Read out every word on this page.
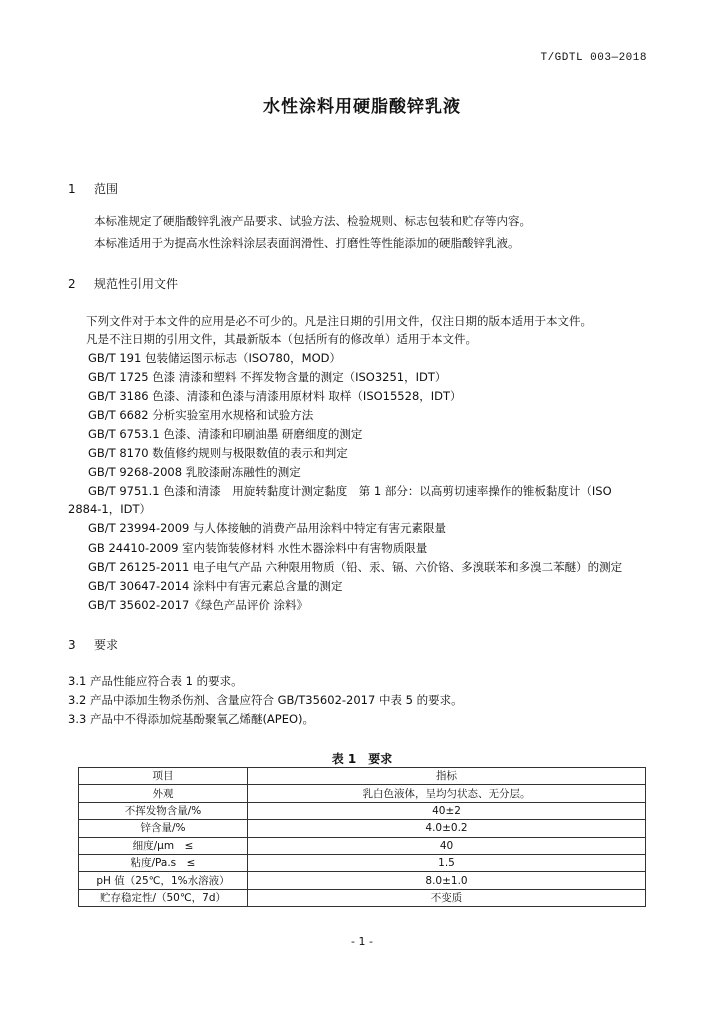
T/GDTL 003—2018
水性涂料用硬脂酸锌乳液
1 范围
本标准规定了硬脂酸锌乳液产品要求、试验方法、检验规则、标志包装和贮存等内容。
本标准适用于为提高水性涂料涂层表面润滑性、打磨性等性能添加的硬脂酸锌乳液。
2 规范性引用文件
下列文件对于本文件的应用是必不可少的。凡是注日期的引用文件，仅注日期的版本适用于本文件。
凡是不注日期的引用文件，其最新版本（包括所有的修改单）适用于本文件。
GB/T 191 包装储运图示标志（ISO780，MOD）
GB/T 1725 色漆 清漆和塑料 不挥发物含量的测定（ISO3251，IDT）
GB/T 3186 色漆、清漆和色漆与清漆用原材料 取样（ISO15528，IDT）
GB/T 6682 分析实验室用水规格和试验方法
GB/T 6753.1 色漆、清漆和印刷油墨 研磨细度的测定
GB/T 8170 数值修约规则与极限数值的表示和判定
GB/T 9268-2008 乳胶漆耐冻融性的测定
GB/T 9751.1 色漆和清漆　用旋转黏度计测定黏度　第 1 部分：以高剪切速率操作的锥板黏度计（ISO
2884-1，IDT）
GB/T 23994-2009 与人体接触的消费产品用涂料中特定有害元素限量
GB 24410-2009 室内装饰装修材料 水性木器涂料中有害物质限量
GB/T 26125-2011 电子电气产品 六种限用物质（铅、汞、镉、六价铬、多溴联苯和多溴二苯醚）的测定
GB/T 30647-2014 涂料中有害元素总含量的测定
GB/T 35602-2017《绿色产品评价 涂料》
3 要求
3.1 产品性能应符合表 1 的要求。
3.2 产品中添加生物杀伤剂、含量应符合 GB/T35602-2017 中表 5 的要求。
3.3 产品中不得添加烷基酚聚氧乙烯醚(APEO)。
表 1　要求
项目	指标
外观	乳白色液体，呈均匀状态、无分层。
不挥发物含量/%	40±2
锌含量/%	4.0±0.2
细度/μm　≤	40
粘度/Pa.s　≤	1.5
pH 值（25℃，1%水溶液）	8.0±1.0
贮存稳定性/（50℃，7d）	不变质
- 1 -
